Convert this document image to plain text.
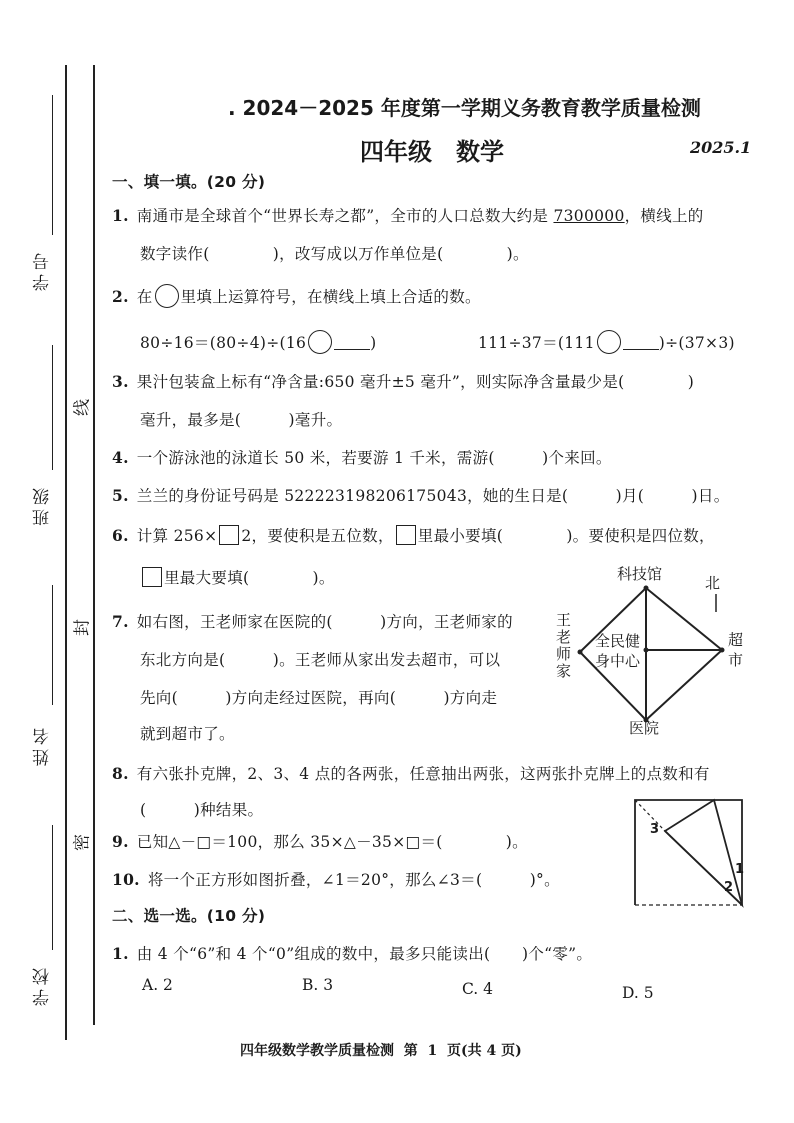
学号
班级
姓名
学校
线
封
密
. 2024－2025 年度第一学期义务教育教学质量检测
四年级　数学	2025.1
一、填一填。(20 分)
1. 南通市是全球首个“世界长寿之都”，全市的人口总数大约是 7300000，横线上的
数字读作(　　　　)，改写成以万作单位是(　　　　)。
2. 在 里填上运算符号，在横线上填上合适的数。
80÷16＝(80÷4)÷(16	)	111÷37＝(111	)÷(37×3)
3. 果汁包装盒上标有“净含量:650 毫升±5 毫升”，则实际净含量最少是(　　　　)
毫升，最多是(　　　)毫升。
4. 一个游泳池的泳道长 50 米，若要游 1 千米，需游(　　　)个来回。
5. 兰兰的身份证号码是 522223198206175043，她的生日是(　　　)月(　　　)日。
6. 计算 256× 2，要使积是五位数， 里最小要填(　　　　)。要使积是四位数，
里最大要填(　　　　)。
7. 如右图，王老师家在医院的(　　　)方向，王老师家的
东北方向是(　　　)。王老师从家出发去超市，可以
先向(　　　)方向走经过医院，再向(　　　)方向走
就到超市了。
科技馆	北
王老师家
全民健
身中心
超市
医院
8. 有六张扑克牌，2、3、4 点的各两张，任意抽出两张，这两张扑克牌上的点数和有
(　　　)种结果。
9. 已知△－□＝100，那么 35×△－35×□＝(　　　　)。
10. 将一个正方形如图折叠，∠1＝20°，那么∠3＝(　　　)°。
3
1
2
二、选一选。(10 分)
1. 由 4 个“6”和 4 个“0”组成的数中，最多只能读出(　　)个“零”。
A. 2	B. 3	C. 4	D. 5
四年级数学教学质量检测  第  1  页(共 4 页)
